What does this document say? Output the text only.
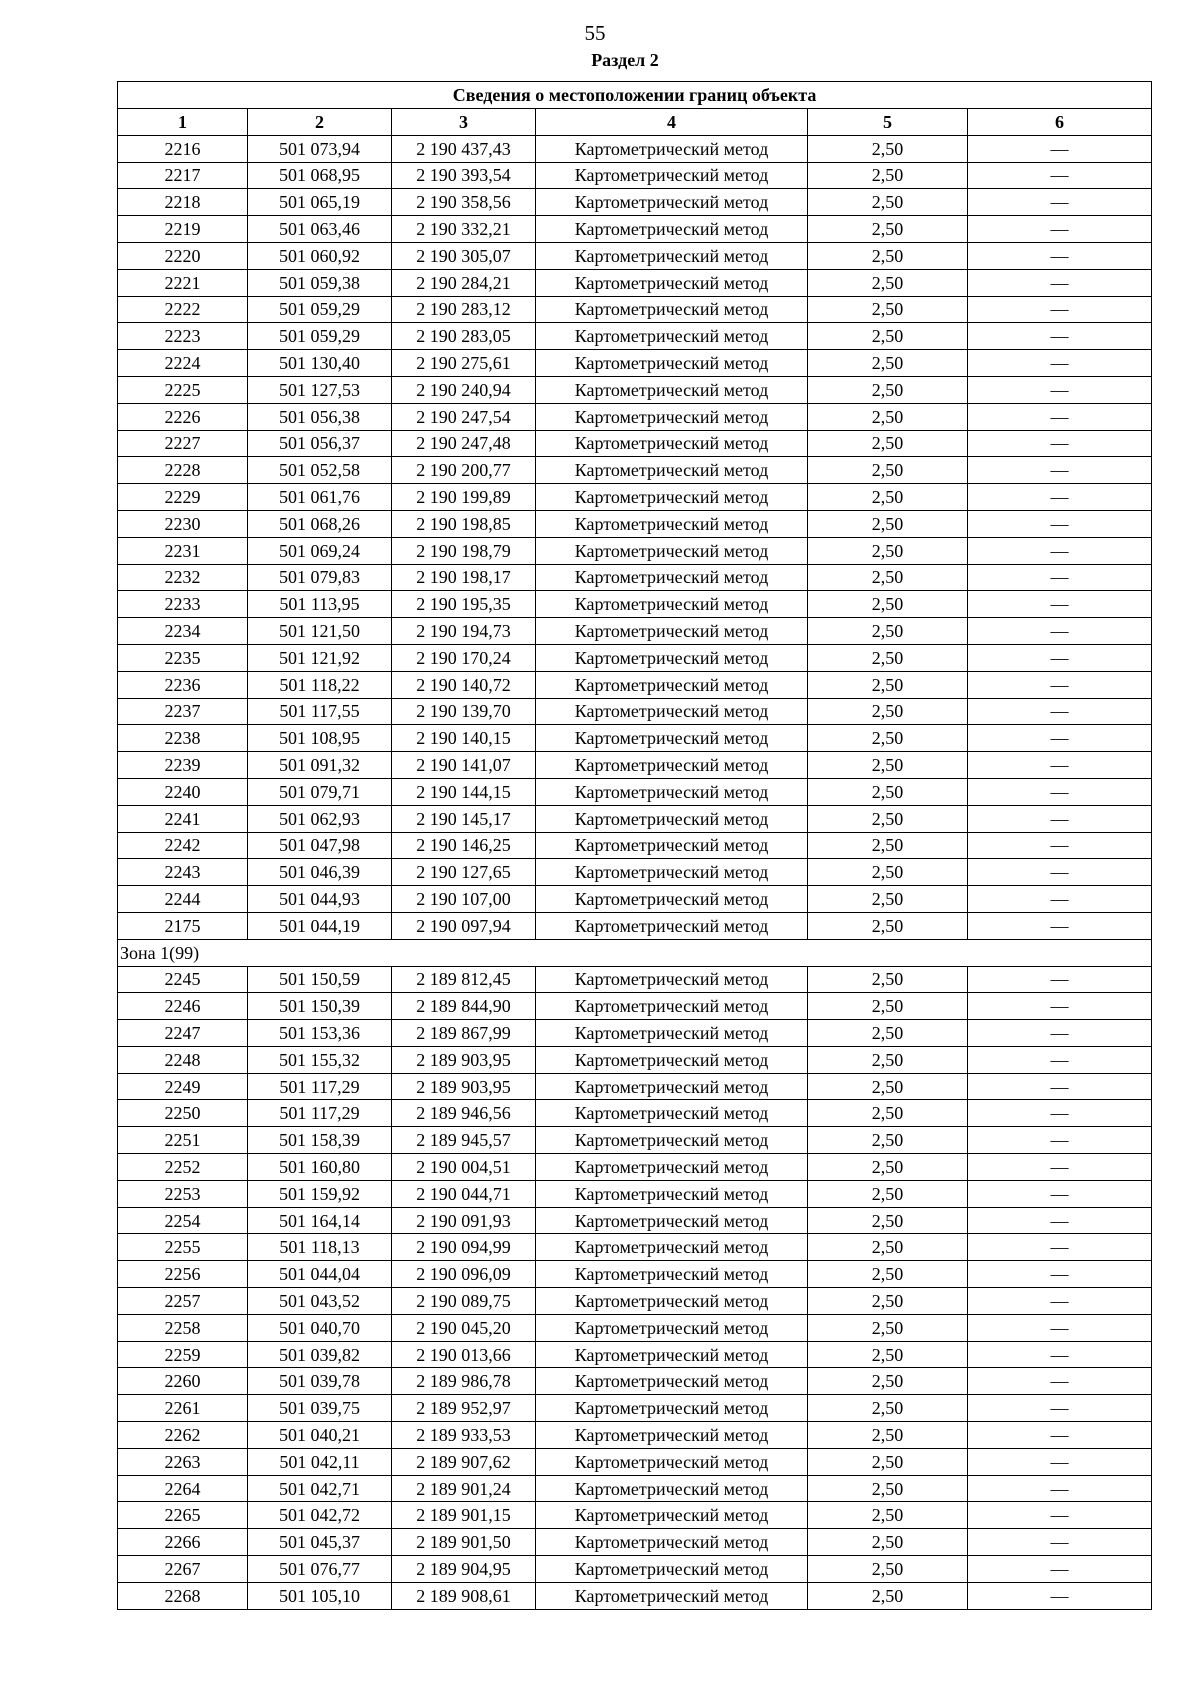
55
Раздел 2
Сведения о местоположении границ объекта					
1	2	3	4	5	6
2216	501 073,94	2 190 437,43	Картометрический метод	2,50	—
2217	501 068,95	2 190 393,54	Картометрический метод	2,50	—
2218	501 065,19	2 190 358,56	Картометрический метод	2,50	—
2219	501 063,46	2 190 332,21	Картометрический метод	2,50	—
2220	501 060,92	2 190 305,07	Картометрический метод	2,50	—
2221	501 059,38	2 190 284,21	Картометрический метод	2,50	—
2222	501 059,29	2 190 283,12	Картометрический метод	2,50	—
2223	501 059,29	2 190 283,05	Картометрический метод	2,50	—
2224	501 130,40	2 190 275,61	Картометрический метод	2,50	—
2225	501 127,53	2 190 240,94	Картометрический метод	2,50	—
2226	501 056,38	2 190 247,54	Картометрический метод	2,50	—
2227	501 056,37	2 190 247,48	Картометрический метод	2,50	—
2228	501 052,58	2 190 200,77	Картометрический метод	2,50	—
2229	501 061,76	2 190 199,89	Картометрический метод	2,50	—
2230	501 068,26	2 190 198,85	Картометрический метод	2,50	—
2231	501 069,24	2 190 198,79	Картометрический метод	2,50	—
2232	501 079,83	2 190 198,17	Картометрический метод	2,50	—
2233	501 113,95	2 190 195,35	Картометрический метод	2,50	—
2234	501 121,50	2 190 194,73	Картометрический метод	2,50	—
2235	501 121,92	2 190 170,24	Картометрический метод	2,50	—
2236	501 118,22	2 190 140,72	Картометрический метод	2,50	—
2237	501 117,55	2 190 139,70	Картометрический метод	2,50	—
2238	501 108,95	2 190 140,15	Картометрический метод	2,50	—
2239	501 091,32	2 190 141,07	Картометрический метод	2,50	—
2240	501 079,71	2 190 144,15	Картометрический метод	2,50	—
2241	501 062,93	2 190 145,17	Картометрический метод	2,50	—
2242	501 047,98	2 190 146,25	Картометрический метод	2,50	—
2243	501 046,39	2 190 127,65	Картометрический метод	2,50	—
2244	501 044,93	2 190 107,00	Картометрический метод	2,50	—
2175	501 044,19	2 190 097,94	Картометрический метод	2,50	—
Зона 1(99)					
2245	501 150,59	2 189 812,45	Картометрический метод	2,50	—
2246	501 150,39	2 189 844,90	Картометрический метод	2,50	—
2247	501 153,36	2 189 867,99	Картометрический метод	2,50	—
2248	501 155,32	2 189 903,95	Картометрический метод	2,50	—
2249	501 117,29	2 189 903,95	Картометрический метод	2,50	—
2250	501 117,29	2 189 946,56	Картометрический метод	2,50	—
2251	501 158,39	2 189 945,57	Картометрический метод	2,50	—
2252	501 160,80	2 190 004,51	Картометрический метод	2,50	—
2253	501 159,92	2 190 044,71	Картометрический метод	2,50	—
2254	501 164,14	2 190 091,93	Картометрический метод	2,50	—
2255	501 118,13	2 190 094,99	Картометрический метод	2,50	—
2256	501 044,04	2 190 096,09	Картометрический метод	2,50	—
2257	501 043,52	2 190 089,75	Картометрический метод	2,50	—
2258	501 040,70	2 190 045,20	Картометрический метод	2,50	—
2259	501 039,82	2 190 013,66	Картометрический метод	2,50	—
2260	501 039,78	2 189 986,78	Картометрический метод	2,50	—
2261	501 039,75	2 189 952,97	Картометрический метод	2,50	—
2262	501 040,21	2 189 933,53	Картометрический метод	2,50	—
2263	501 042,11	2 189 907,62	Картометрический метод	2,50	—
2264	501 042,71	2 189 901,24	Картометрический метод	2,50	—
2265	501 042,72	2 189 901,15	Картометрический метод	2,50	—
2266	501 045,37	2 189 901,50	Картометрический метод	2,50	—
2267	501 076,77	2 189 904,95	Картометрический метод	2,50	—
2268	501 105,10	2 189 908,61	Картометрический метод	2,50	—
